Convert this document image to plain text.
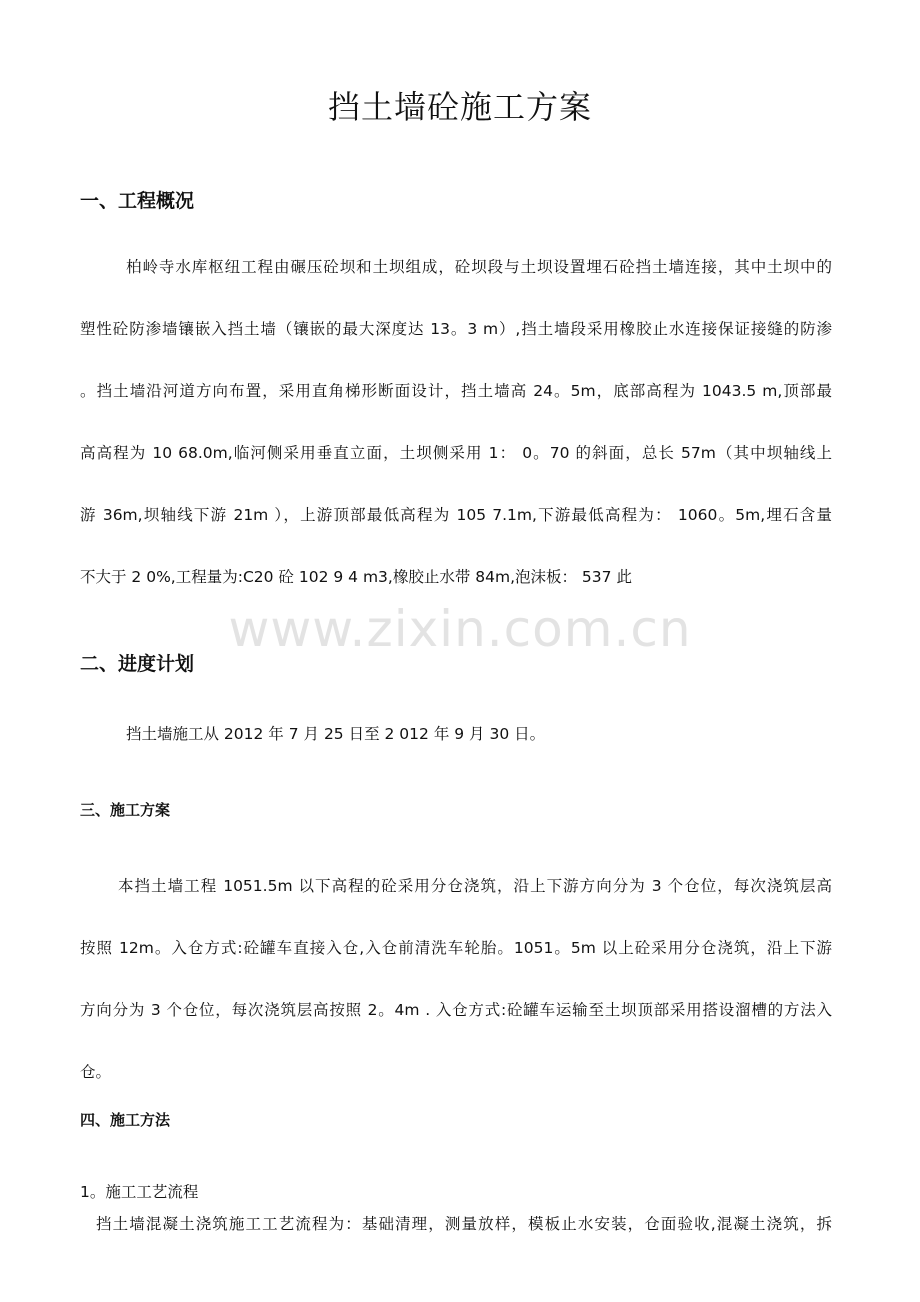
挡土墙砼施工方案
一、工程概况
柏岭寺水库枢纽工程由碾压砼坝和土坝组成，砼坝段与土坝设置埋石砼挡土墙连接，其中土坝中的
塑性砼防渗墙镶嵌入挡土墙（镶嵌的最大深度达 13。3 m）,挡土墙段采用橡胶止水连接保证接缝的防渗
。挡土墙沿河道方向布置，采用直角梯形断面设计，挡土墙高 24。5m，底部高程为 1043.5 m,顶部最
高高程为 10 68.0m,临河侧采用垂直立面，土坝侧采用 1： 0。70 的斜面，总长 57m（其中坝轴线上
游 36m,坝轴线下游 21m ），上游顶部最低高程为 105 7.1m,下游最低高程为： 1060。5m,埋石含量
不大于 2 0%,工程量为:C20 砼 102 9 4 m3,橡胶止水带 84m,泡沫板： 537 此
www.zixin.com.cn
二、进度计划

挡土墙施工从 2012 年 7 月 25 日至 2 012 年 9 月 30 日。

三、施工方案
本挡土墙工程 1051.5m 以下高程的砼采用分仓浇筑，沿上下游方向分为 3 个仓位，每次浇筑层高
按照 12m。入仓方式:砼罐车直接入仓,入仓前清洗车轮胎。1051。5m 以上砼采用分仓浇筑，沿上下游
方向分为 3 个仓位，每次浇筑层高按照 2。4m . 入仓方式:砼罐车运输至土坝顶部采用搭设溜槽的方法入
仓。
四、施工方法

1。施工工艺流程

挡土墙混凝土浇筑施工工艺流程为：基础清理，测量放样，模板止水安装，仓面验收,混凝土浇筑，拆
